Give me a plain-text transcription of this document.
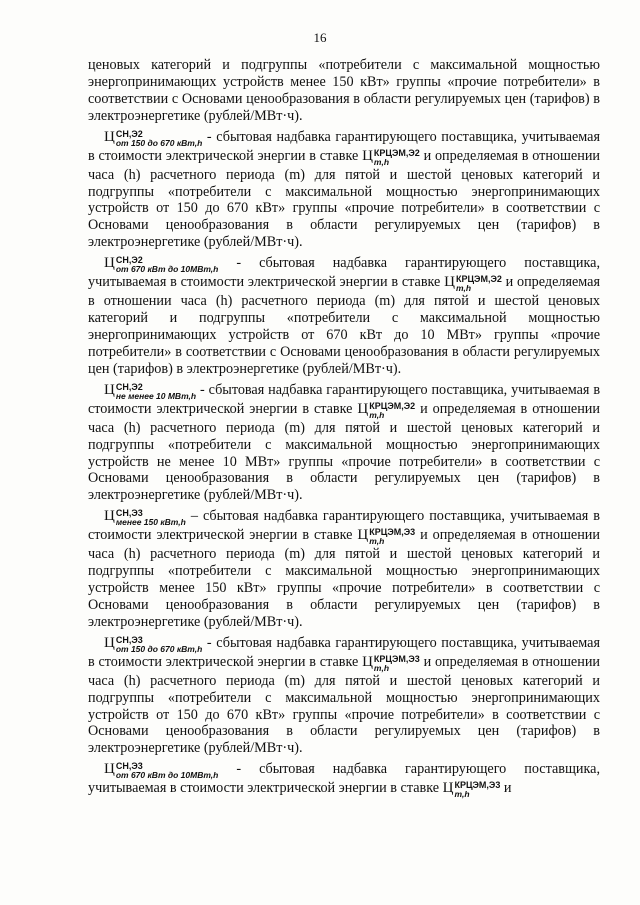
16

ценовых категорий и подгруппы «потребители с максимальной мощностью энергопринимающих устройств менее 150 кВт» группы «прочие потребители» в соответствии с Основами ценообразования в области регулируемых цен (тарифов) в электроэнергетике (рублей/МВт·ч).

Ц СН,Э2
от 150 до 670 кВт,h - сбытовая надбавка гарантирующего поставщика, учитываемая в стоимости электрической энергии в ставке Ц КРЦЭМ,Э2
m,h	и определяемая в отношении часа (h) расчетного периода (m) для пятой и шестой ценовых категорий и подгруппы «потребители с максимальной мощностью энергопринимающих устройств от 150 до 670 кВт» группы «прочие потребители» в соответствии с Основами ценообразования в области регулируемых цен (тарифов) в электроэнергетике (рублей/МВт·ч).

Ц СН,Э2
от 670 кВт до 10МВт,h - сбытовая надбавка гарантирующего поставщика, учитываемая в стоимости электрической энергии в ставке Ц КРЦЭМ,Э2
m,h	и определяемая в отношении часа (h) расчетного периода (m) для пятой и шестой ценовых категорий и подгруппы «потребители с максимальной мощностью энергопринимающих устройств от 670 кВт до 10 МВт» группы «прочие потребители» в соответствии с Основами ценообразования в области регулируемых цен (тарифов) в электроэнергетике (рублей/МВт·ч).

Ц СН,Э2
не менее 10 МВт,h - сбытовая надбавка гарантирующего поставщика, учитываемая в стоимости электрической энергии в ставке Ц КРЦЭМ,Э2
m,h	и определяемая в отношении часа (h) расчетного периода (m) для пятой и шестой ценовых категорий и подгруппы «потребители с максимальной мощностью энергопринимающих устройств не менее 10 МВт» группы «прочие потребители» в соответствии с Основами ценообразования в области регулируемых цен (тарифов) в электроэнергетике (рублей/МВт·ч).

Ц СН,Э3
менее 150 кВт,h – сбытовая надбавка гарантирующего поставщика, учитываемая в стоимости электрической энергии в ставке Ц КРЦЭМ,Э3
m,h	и определяемая в отношении часа (h) расчетного периода (m) для пятой и шестой ценовых категорий и подгруппы «потребители с максимальной мощностью энергопринимающих устройств менее 150 кВт» группы «прочие потребители» в соответствии с Основами ценообразования в области регулируемых цен (тарифов) в электроэнергетике (рублей/МВт·ч).

Ц СН,Э3
от 150 до 670 кВт,h - сбытовая надбавка гарантирующего поставщика, учитываемая в стоимости электрической энергии в ставке Ц КРЦЭМ,Э3
m,h	и определяемая в отношении часа (h) расчетного периода (m) для пятой и шестой ценовых категорий и подгруппы «потребители с максимальной мощностью энергопринимающих устройств от 150 до 670 кВт» группы «прочие потребители» в соответствии с Основами ценообразования в области регулируемых цен (тарифов) в электроэнергетике (рублей/МВт·ч).

Ц СН,Э3
от 670 кВт до 10МВт,h - сбытовая надбавка гарантирующего поставщика, учитываемая в стоимости электрической энергии в ставке Ц КРЦЭМ,Э3
m,h	и
